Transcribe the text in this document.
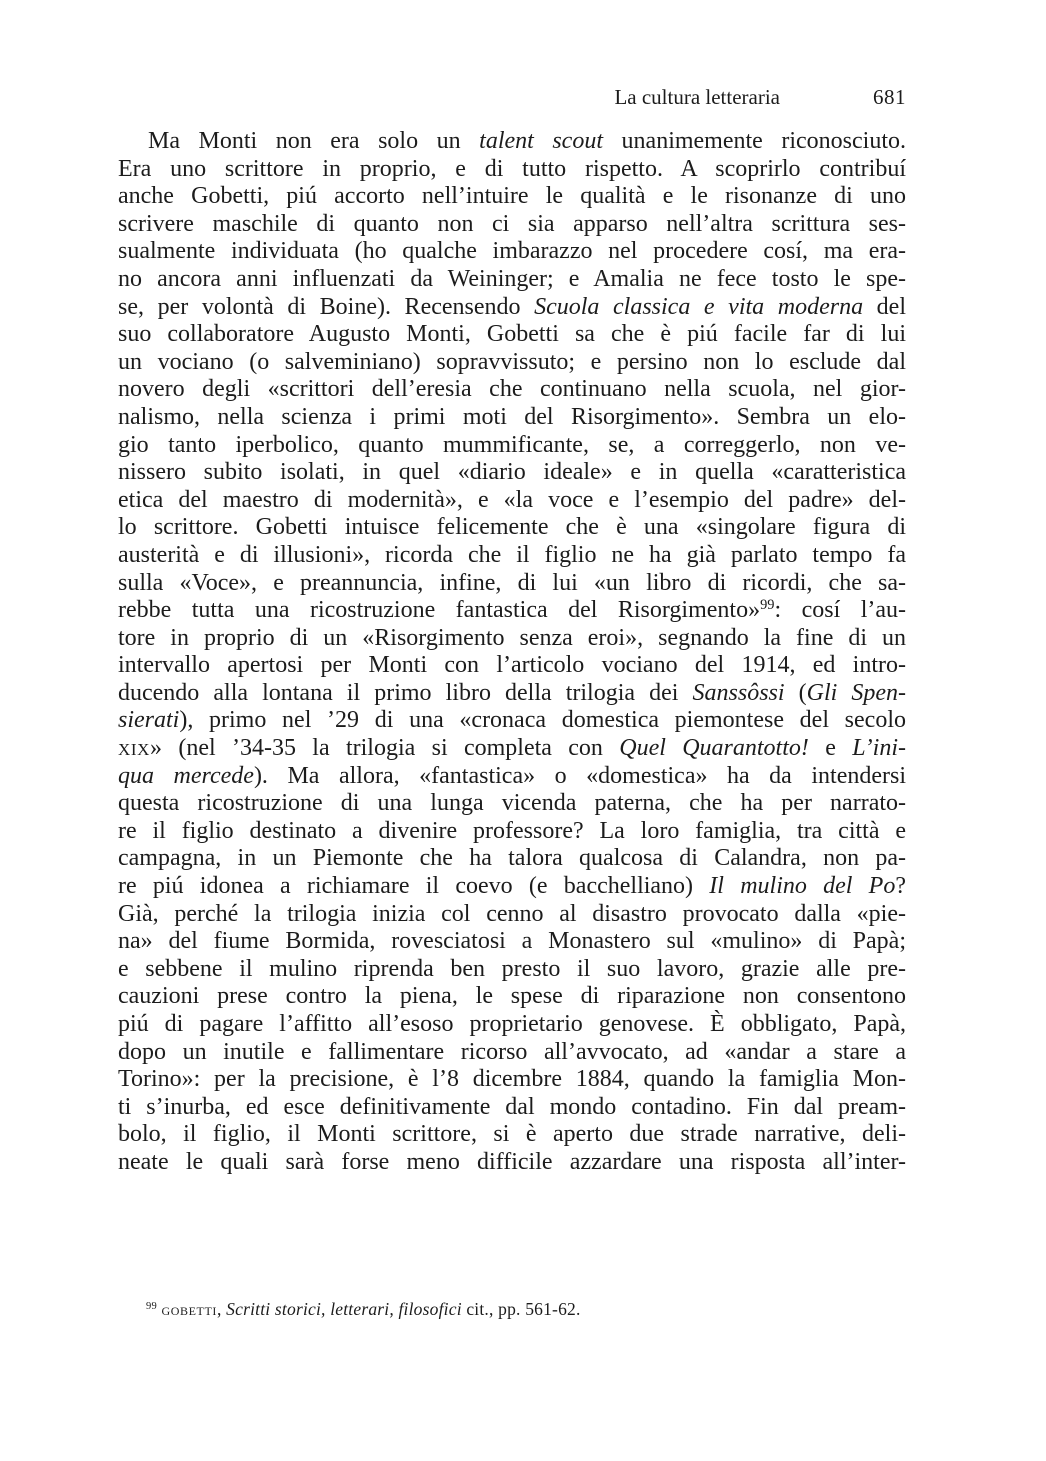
La cultura letteraria	681
Ma Monti non era solo un talent scout unanimemente riconosciuto.
Era uno scrittore in proprio, e di tutto rispetto. A scoprirlo contribuí
anche Gobetti, piú accorto nell’intuire le qualità e le risonanze di uno
scrivere maschile di quanto non ci sia apparso nell’altra scrittura ses-
sualmente individuata (ho qualche imbarazzo nel procedere cosí, ma era-
no ancora anni influenzati da Weininger; e Amalia ne fece tosto le spe-
se, per volontà di Boine). Recensendo Scuola classica e vita moderna del
suo collaboratore Augusto Monti, Gobetti sa che è piú facile far di lui
un vociano (o salveminiano) sopravvissuto; e persino non lo esclude dal
novero degli «scrittori dell’eresia che continuano nella scuola, nel gior-
nalismo, nella scienza i primi moti del Risorgimento». Sembra un elo-
gio tanto iperbolico, quanto mummificante, se, a correggerlo, non ve-
nissero subito isolati, in quel «diario ideale» e in quella «caratteristica
etica del maestro di modernità», e «la voce e l’esempio del padre» del-
lo scrittore. Gobetti intuisce felicemente che è una «singolare figura di
austerità e di illusioni», ricorda che il figlio ne ha già parlato tempo fa
sulla «Voce», e preannuncia, infine, di lui «un libro di ricordi, che sa-
rebbe tutta una ricostruzione fantastica del Risorgimento»$^{99}$: cosí l’au-
tore in proprio di un «Risorgimento senza eroi», segnando la fine di un
intervallo apertosi per Monti con l’articolo vociano del 1914, ed intro-
ducendo alla lontana il primo libro della trilogia dei Sanssôssi (Gli Spen-
sierati), primo nel ’29 di una «cronaca domestica piemontese del secolo
xix» (nel ’34-35 la trilogia si completa con Quel Quarantotto! e L’ini-
qua mercede). Ma allora, «fantastica» o «domestica» ha da intendersi
questa ricostruzione di una lunga vicenda paterna, che ha per narrato-
re il figlio destinato a divenire professore? La loro famiglia, tra città e
campagna, in un Piemonte che ha talora qualcosa di Calandra, non pa-
re piú idonea a richiamare il coevo (e bacchelliano) Il mulino del Po?
Già, perché la trilogia inizia col cenno al disastro provocato dalla «pie-
na» del fiume Bormida, rovesciatosi a Monastero sul «mulino» di Papà;
e sebbene il mulino riprenda ben presto il suo lavoro, grazie alle pre-
cauzioni prese contro la piena, le spese di riparazione non consentono
piú di pagare l’affitto all’esoso proprietario genovese. È obbligato, Papà,
dopo un inutile e fallimentare ricorso all’avvocato, ad «andar a stare a
Torino»: per la precisione, è l’8 dicembre 1884, quando la famiglia Mon-
ti s’inurba, ed esce definitivamente dal mondo contadino. Fin dal pream-
bolo, il figlio, il Monti scrittore, si è aperto due strade narrative, deli-
neate le quali sarà forse meno difficile azzardare una risposta all’inter-
$^{99}$ gobetti, Scritti storici, letterari, filosofici cit., pp. 561-62.
